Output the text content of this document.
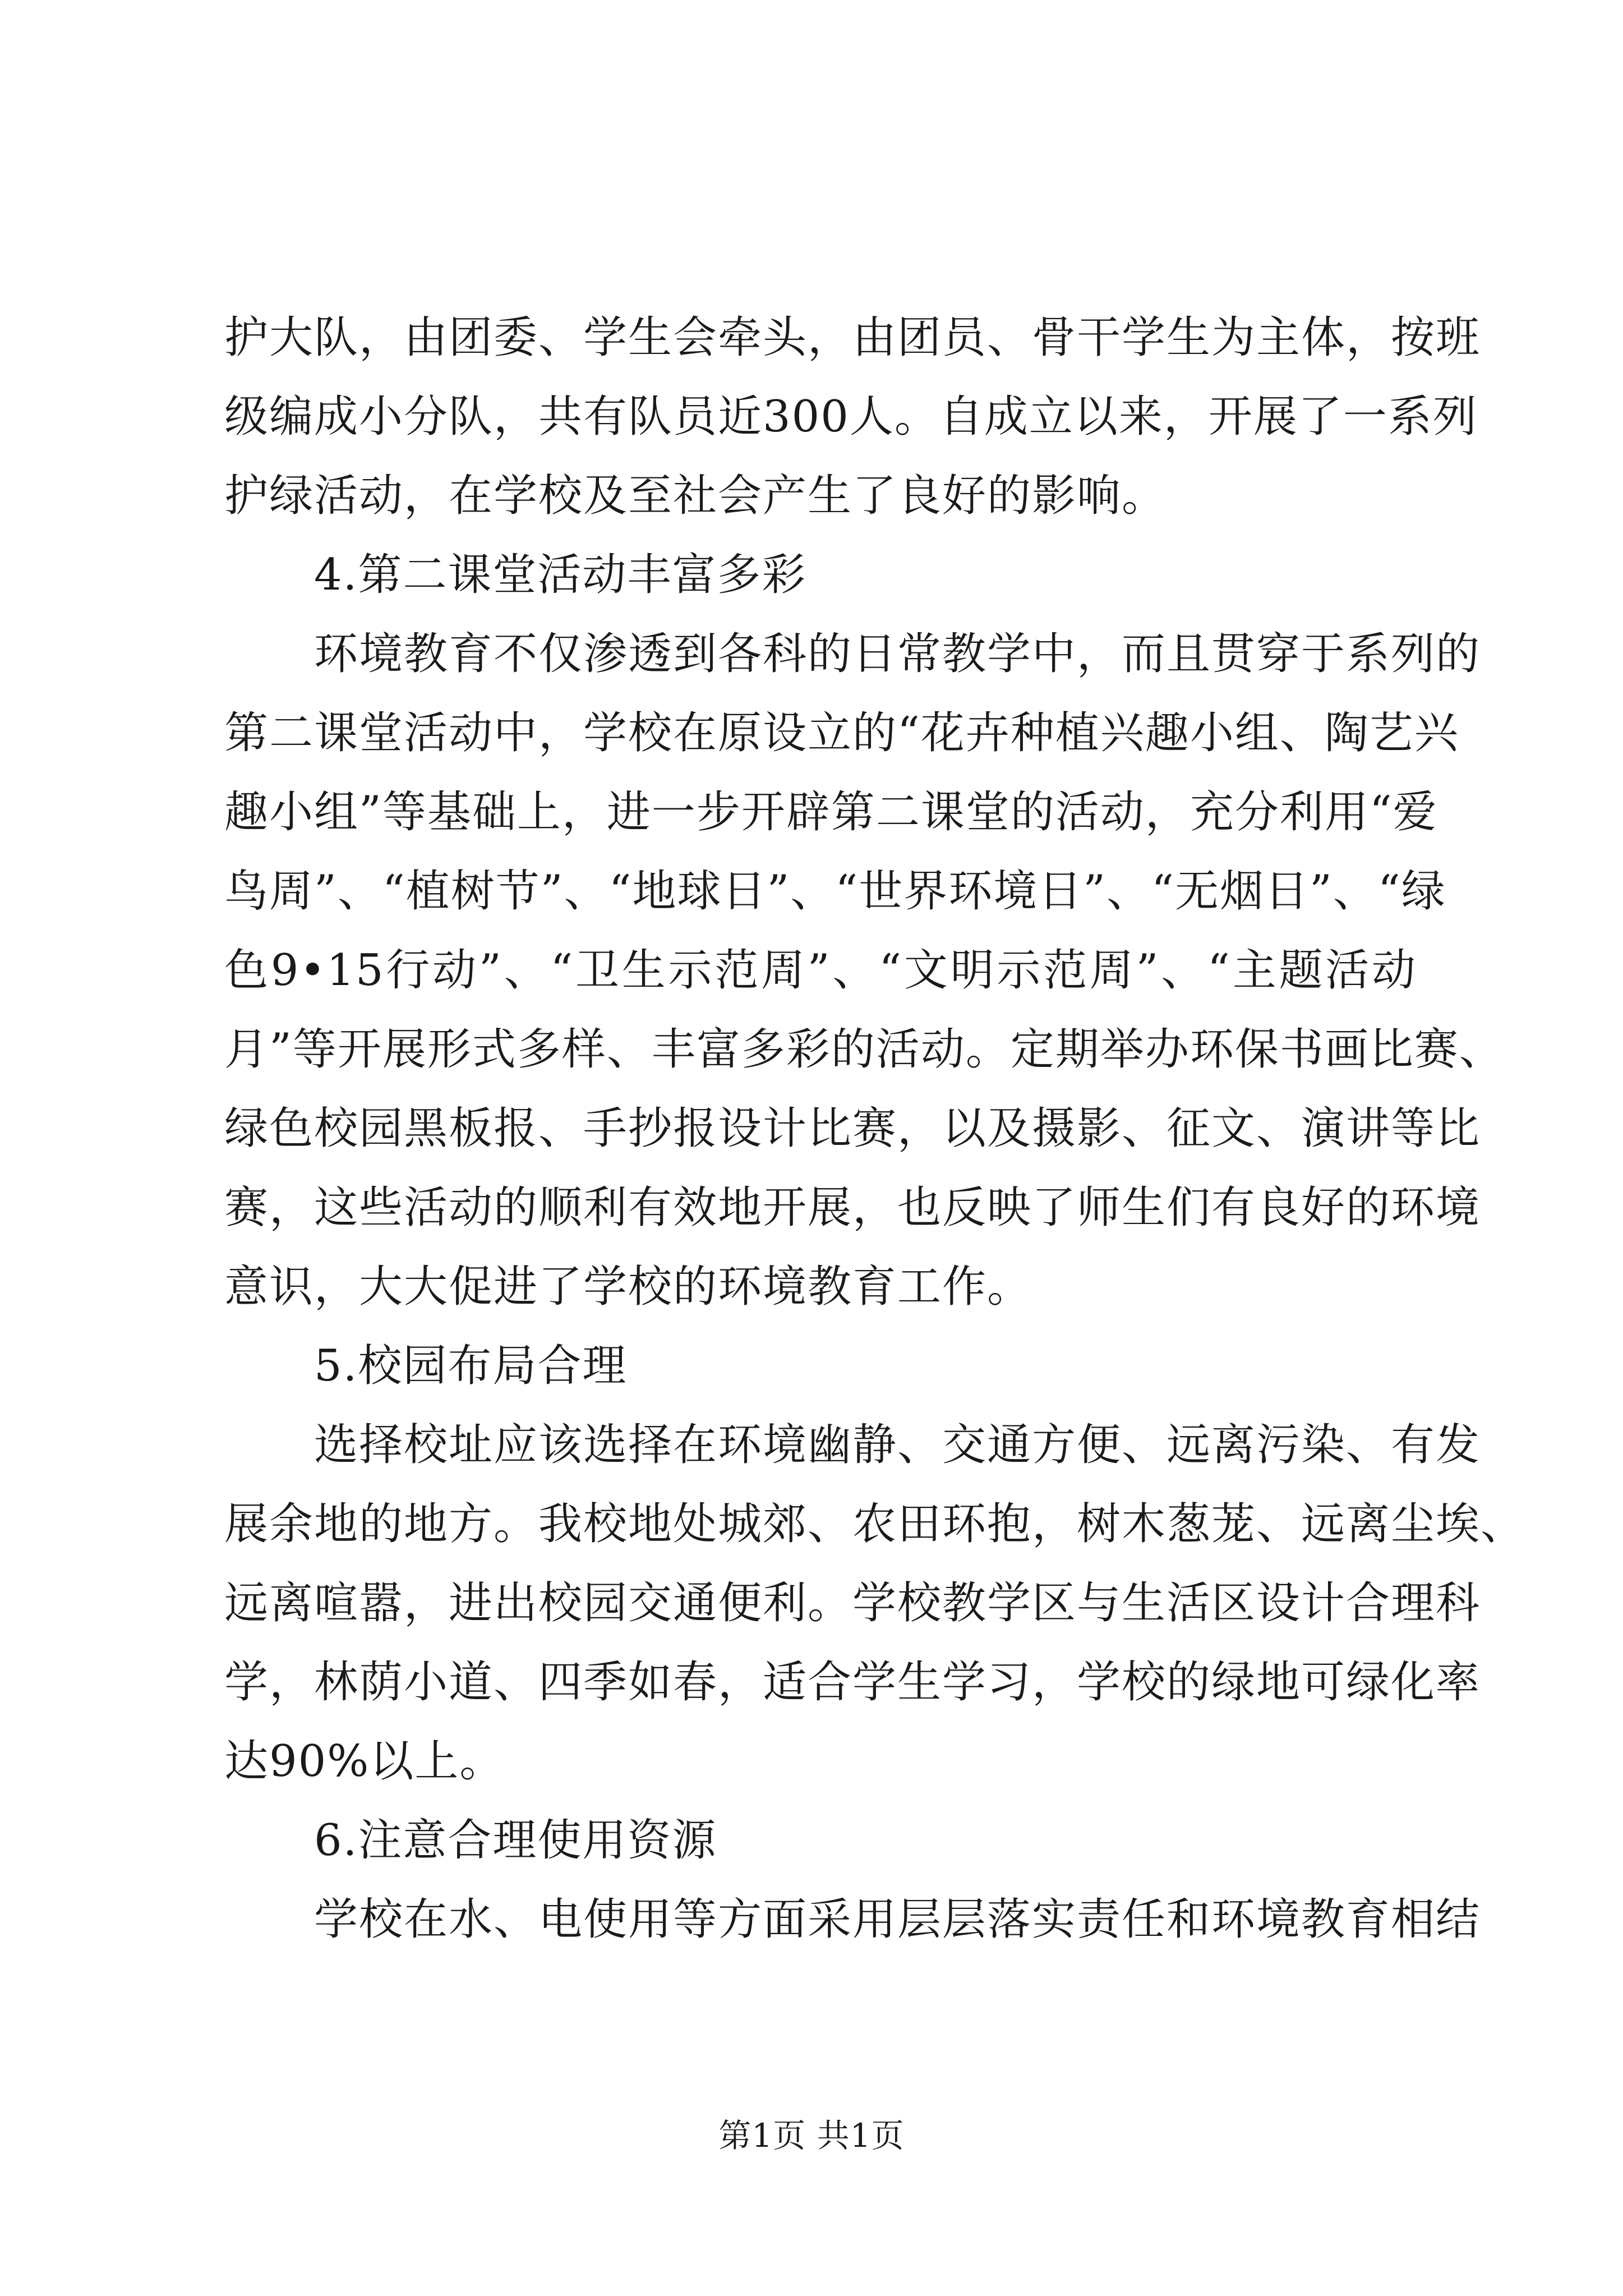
护大队，由团委、学生会牵头，由团员、骨干学生为主体，按班

级编成小分队，共有队员近300人。自成立以来，开展了一系列

护绿活动，在学校及至社会产生了良好的影响。

4.第二课堂活动丰富多彩

环境教育不仅渗透到各科的日常教学中，而且贯穿于系列的

第二课堂活动中，学校在原设立的“花卉种植兴趣小组、陶艺兴

趣小组”等基础上，进一步开辟第二课堂的活动，充分利用“爱

鸟周”、“植树节”、“地球日”、“世界环境日”、“无烟日”、“绿

色9•15行动”、“卫生示范周”、“文明示范周”、“主题活动

月”等开展形式多样、丰富多彩的活动。定期举办环保书画比赛、

绿色校园黑板报、手抄报设计比赛，以及摄影、征文、演讲等比

赛，这些活动的顺利有效地开展，也反映了师生们有良好的环境

意识，大大促进了学校的环境教育工作。

5.校园布局合理

选择校址应该选择在环境幽静、交通方便、远离污染、有发

展余地的地方。我校地处城郊、农田环抱，树木葱茏、远离尘埃、

远离喧嚣，进出校园交通便利。学校教学区与生活区设计合理科

学，林荫小道、四季如春，适合学生学习，学校的绿地可绿化率

达90%以上。

6.注意合理使用资源

学校在水、电使用等方面采用层层落实责任和环境教育相结

第1页 共1页
